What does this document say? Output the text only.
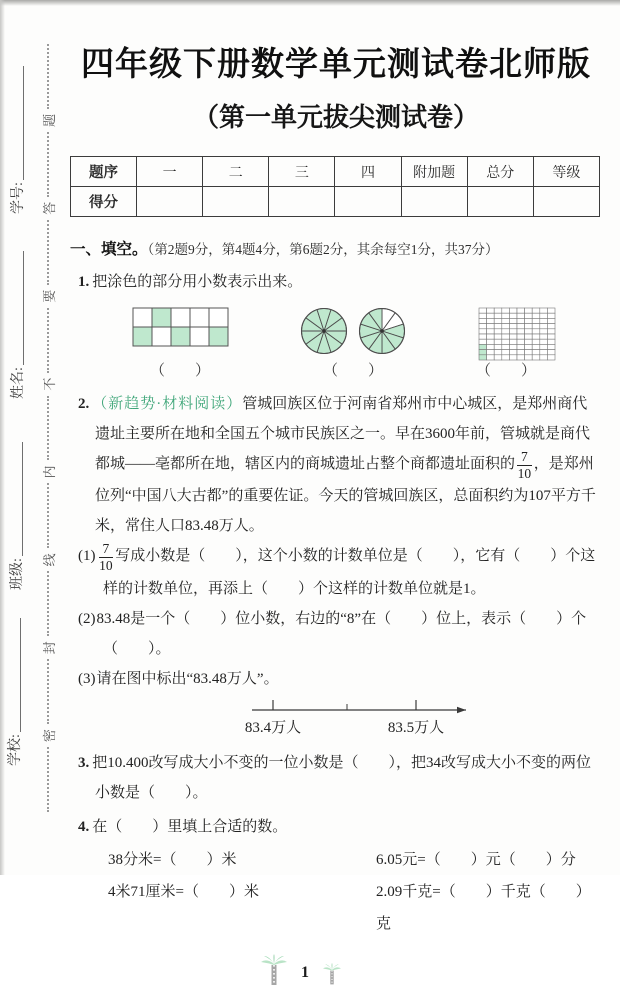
密
封
线
内
不
要
答
题
学号:
姓名:
班级:
学校:
四年级下册数学单元测试卷北师版
（第一单元拔尖测试卷）
题序	一	二	三	四	附加题	总分	等级
得分							
一、填空。（第2题9分，第4题4分，第6题2分，其余每空1分，共37分）
1. 把涂色的部分用小数表示出来。
（　　）	（　　）	（　　）
2. （新趋势·材料阅读）管城回族区位于河南省郑州市中心城区，是郑州商代遗址主要所在地和全国五个城市民族区之一。早在3600年前，管城就是商代都城——亳都所在地，辖区内的商城遗址占整个商都遗址面积的 $\frac{7}{10}$ ，是郑州位列“中国八大古都”的重要佐证。今天的管城回族区，总面积约为107平方千米，常住人口83.48万人。
$(1) \frac{7}{10}$ 写成小数是（　　），这个小数的计数单位是（　　），它有（　　）个这样的计数单位，再添上（　　）个这样的计数单位就是1。
(2)83.48是一个（　　）位小数，右边的“8”在（　　）位上，表示（　　）个（　　）。
(3)请在图中标出“83.48万人”。
83.4万人	83.5万人
3. 把10.400改写成大小不变的一位小数是（　　），把34改写成大小不变的两位小数是（　　）。
4. 在（　　）里填上合适的数。
38分米=（　　）米	6.05元=（　　）元（　　）分
4米71厘米=（　　）米	2.09千克=（　　）千克（　　）克
1
